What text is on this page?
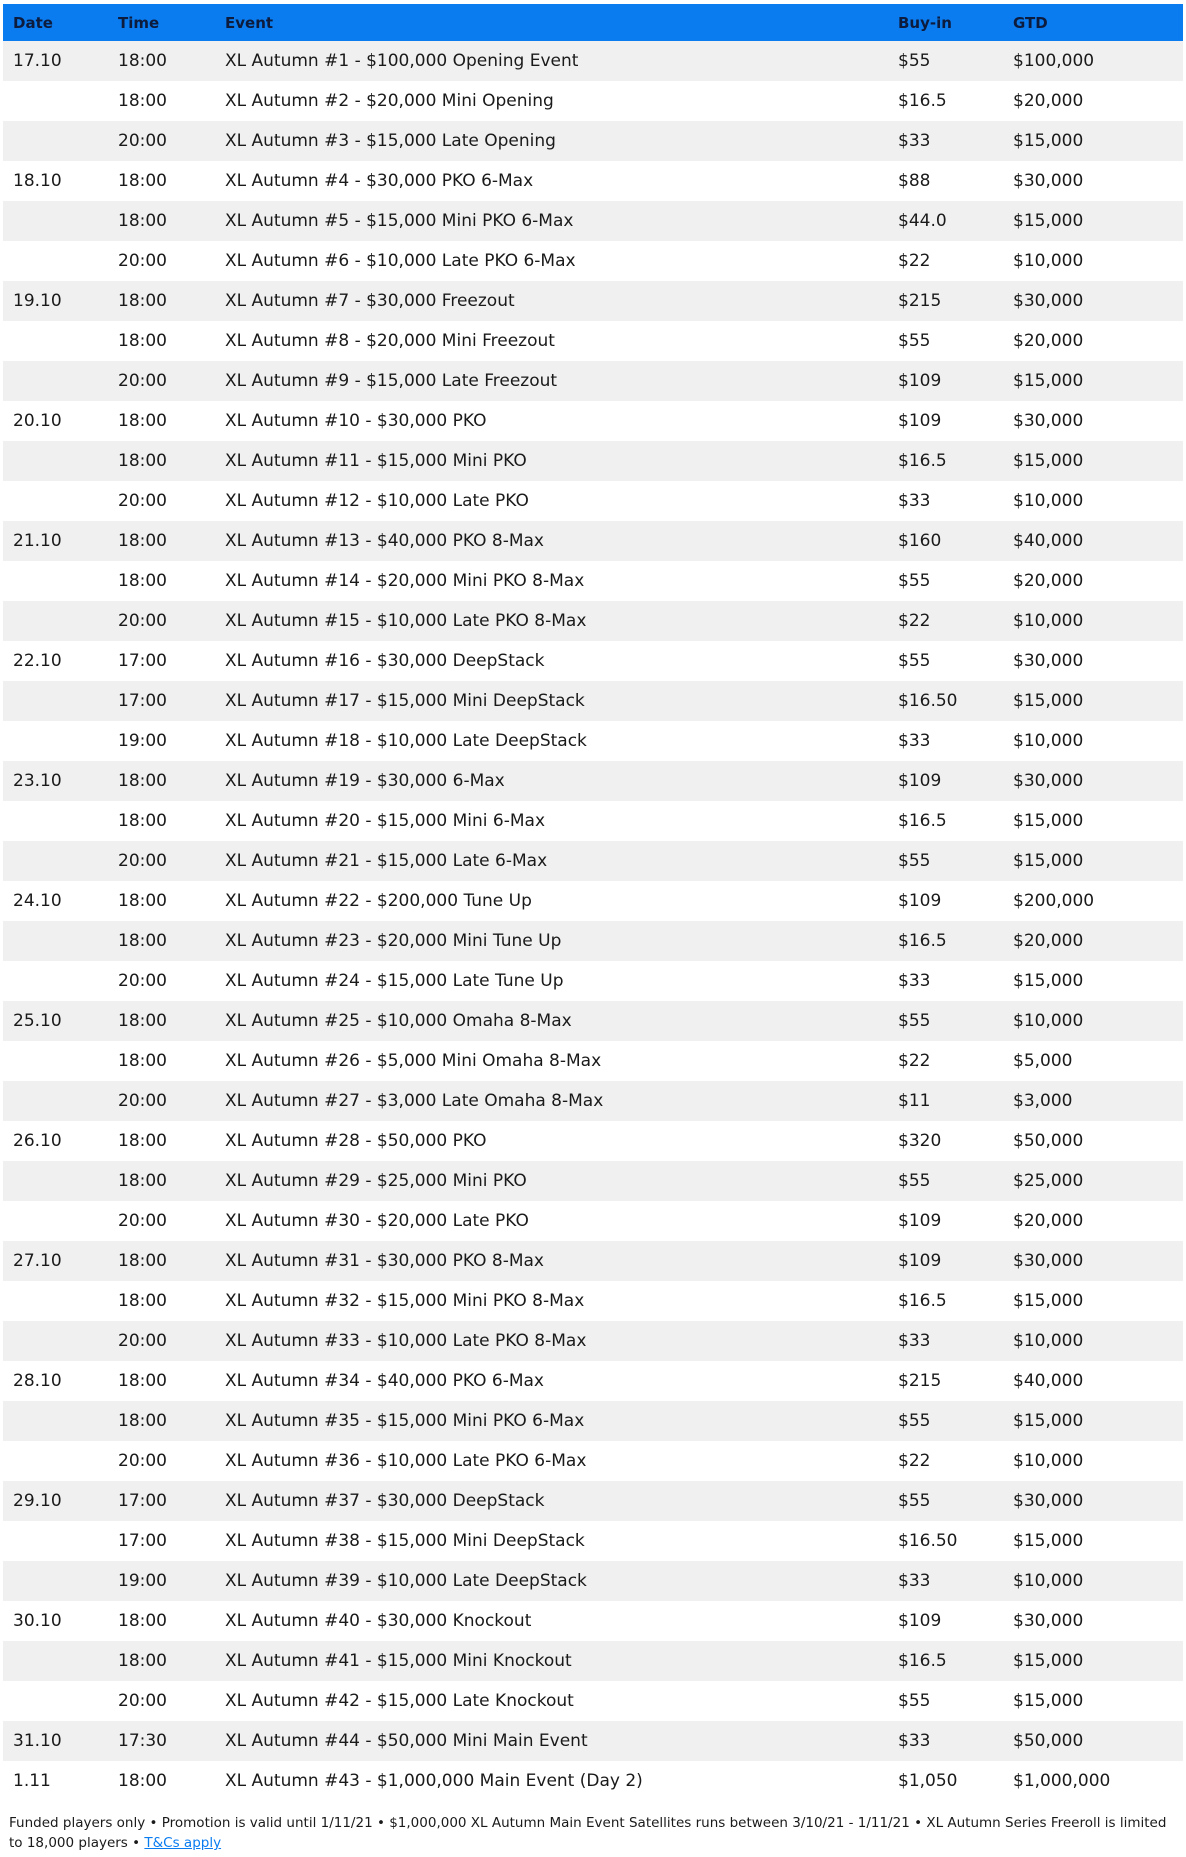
Date	Time	Event	Buy-in	GTD
17.10	18:00	XL Autumn #1 - $100,000 Opening Event	$55	$100,000
	18:00	XL Autumn #2 - $20,000 Mini Opening	$16.5	$20,000
	20:00	XL Autumn #3 - $15,000 Late Opening	$33	$15,000
18.10	18:00	XL Autumn #4 - $30,000 PKO 6-Max	$88	$30,000
	18:00	XL Autumn #5 - $15,000 Mini PKO 6-Max	$44.0	$15,000
	20:00	XL Autumn #6 - $10,000 Late PKO 6-Max	$22	$10,000
19.10	18:00	XL Autumn #7 - $30,000 Freezout	$215	$30,000
	18:00	XL Autumn #8 - $20,000 Mini Freezout	$55	$20,000
	20:00	XL Autumn #9 - $15,000 Late Freezout	$109	$15,000
20.10	18:00	XL Autumn #10 - $30,000 PKO	$109	$30,000
	18:00	XL Autumn #11 - $15,000 Mini PKO	$16.5	$15,000
	20:00	XL Autumn #12 - $10,000 Late PKO	$33	$10,000
21.10	18:00	XL Autumn #13 - $40,000 PKO 8-Max	$160	$40,000
	18:00	XL Autumn #14 - $20,000 Mini PKO 8-Max	$55	$20,000
	20:00	XL Autumn #15 - $10,000 Late PKO 8-Max	$22	$10,000
22.10	17:00	XL Autumn #16 - $30,000 DeepStack	$55	$30,000
	17:00	XL Autumn #17 - $15,000 Mini DeepStack	$16.50	$15,000
	19:00	XL Autumn #18 - $10,000 Late DeepStack	$33	$10,000
23.10	18:00	XL Autumn #19 - $30,000 6-Max	$109	$30,000
	18:00	XL Autumn #20 - $15,000 Mini 6-Max	$16.5	$15,000
	20:00	XL Autumn #21 - $15,000 Late 6-Max	$55	$15,000
24.10	18:00	XL Autumn #22 - $200,000 Tune Up	$109	$200,000
	18:00	XL Autumn #23 - $20,000 Mini Tune Up	$16.5	$20,000
	20:00	XL Autumn #24 - $15,000 Late Tune Up	$33	$15,000
25.10	18:00	XL Autumn #25 - $10,000 Omaha 8-Max	$55	$10,000
	18:00	XL Autumn #26 - $5,000 Mini Omaha 8-Max	$22	$5,000
	20:00	XL Autumn #27 - $3,000 Late Omaha 8-Max	$11	$3,000
26.10	18:00	XL Autumn #28 - $50,000 PKO	$320	$50,000
	18:00	XL Autumn #29 - $25,000 Mini PKO	$55	$25,000
	20:00	XL Autumn #30 - $20,000 Late PKO	$109	$20,000
27.10	18:00	XL Autumn #31 - $30,000 PKO 8-Max	$109	$30,000
	18:00	XL Autumn #32 - $15,000 Mini PKO 8-Max	$16.5	$15,000
	20:00	XL Autumn #33 - $10,000 Late PKO 8-Max	$33	$10,000
28.10	18:00	XL Autumn #34 - $40,000 PKO 6-Max	$215	$40,000
	18:00	XL Autumn #35 - $15,000 Mini PKO 6-Max	$55	$15,000
	20:00	XL Autumn #36 - $10,000 Late PKO 6-Max	$22	$10,000
29.10	17:00	XL Autumn #37 - $30,000 DeepStack	$55	$30,000
	17:00	XL Autumn #38 - $15,000 Mini DeepStack	$16.50	$15,000
	19:00	XL Autumn #39 - $10,000 Late DeepStack	$33	$10,000
30.10	18:00	XL Autumn #40 - $30,000 Knockout	$109	$30,000
	18:00	XL Autumn #41 - $15,000 Mini Knockout	$16.5	$15,000
	20:00	XL Autumn #42 - $15,000 Late Knockout	$55	$15,000
31.10	17:30	XL Autumn #44 - $50,000 Mini Main Event	$33	$50,000
1.11	18:00	XL Autumn #43 - $1,000,000 Main Event (Day 2)	$1,050	$1,000,000
Funded players only • Promotion is valid until 1/11/21 • $1,000,000 XL Autumn Main Event Satellites runs between 3/10/21 - 1/11/21 • XL Autumn Series Freeroll is limited to 18,000 players • T&Cs apply
